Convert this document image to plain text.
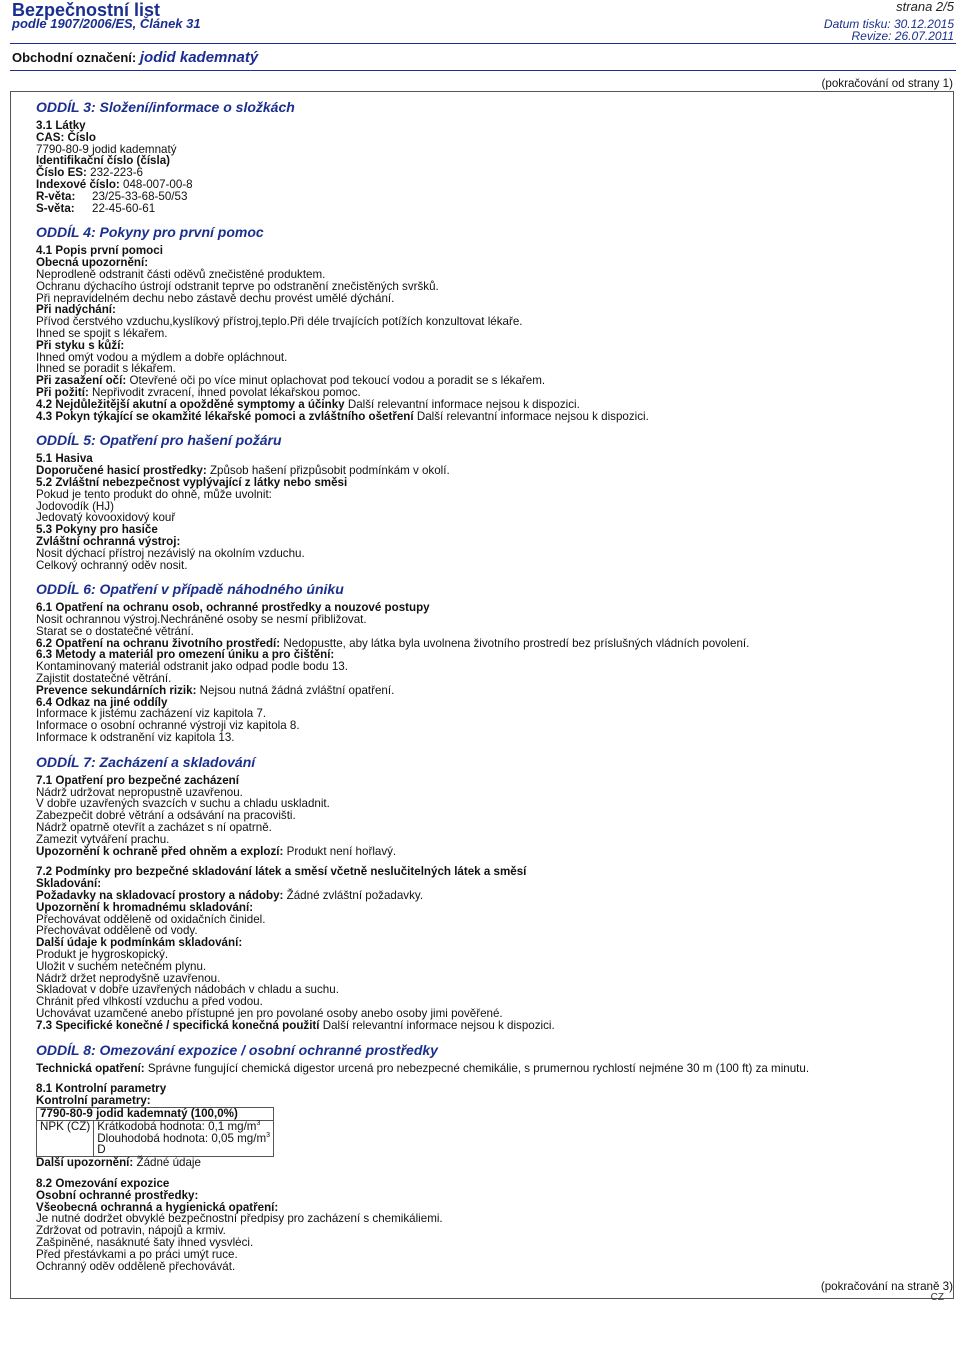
Bezpečnostní list
podle 1907/2006/ES, Článek 31
strana 2/5
Datum tisku: 30.12.2015
Revize: 26.07.2011
Obchodní označení: jodid kademnatý
(pokračování od strany 1)
ODDÍL 3: Složení/informace o složkách
3.1 Látky
CAS: Číslo
7790-80-9 jodid kademnatý
Identifikační číslo (čísla)
Číslo ES: 232-223-6
Indexové číslo: 048-007-00-8
R-věta: 23/25-33-68-50/53
S-věta: 22-45-60-61
ODDÍL 4: Pokyny pro první pomoc
4.1 Popis první pomoci
Obecná upozornění:
Neprodleně odstranit části oděvů znečistěné produktem.
Ochranu dýchacího ústrojí odstranit teprve po odstranění znečistěných svršků.
Při nepravidelném dechu nebo zástavě dechu provést umělé dýchání.
Při nadýchání:
Přívod čerstvého vzduchu,kyslíkový přístroj,teplo.Při déle trvajících potížích konzultovat lékaře.
Ihned se spojit s lékařem.
Při styku s kůží:
Ihned omýt vodou a mýdlem a dobře opláchnout.
Ihned se poradit s lékařem.
Při zasažení očí: Otevřené oči po více minut oplachovat pod tekoucí vodou a poradit se s lékařem.
Při požití: Nepřivodit zvracení, ihned povolat lékařskou pomoc.
4.2 Nejdůležitější akutní a opožděné symptomy a účinky Další relevantní informace nejsou k dispozici.
4.3 Pokyn týkající se okamžité lékařské pomoci a zvláštního ošetření Další relevantní informace nejsou k dispozici.
ODDÍL 5: Opatření pro hašení požáru
5.1 Hasiva
Doporučené hasicí prostředky: Způsob hašení přizpůsobit podmínkám v okolí.
5.2 Zvláštní nebezpečnost vyplývající z látky nebo směsi
Pokud je tento produkt do ohně, může uvolnit:
Jodovodík (HJ)
Jedovatý kovooxidový kouř
5.3 Pokyny pro hasiče
Zvláštní ochranná výstroj:
Nosit dýchací přístroj nezávislý na okolním vzduchu.
Celkový ochranný oděv nosit.
ODDÍL 6: Opatření v případě náhodného úniku
6.1 Opatření na ochranu osob, ochranné prostředky a nouzové postupy
Nosit ochrannou výstroj.Nechráněné osoby se nesmí přibližovat.
Starat se o dostatečné větrání.
6.2 Opatření na ochranu životního prostředí: Nedopustte, aby látka byla uvolnena životního prostredí bez príslušných vládních povolení.
6.3 Metody a materiál pro omezení úniku a pro čištění:
Kontaminovaný materiál odstranit jako odpad podle bodu 13.
Zajistit dostatečné větrání.
Prevence sekundárních rizik: Nejsou nutná žádná zvláštní opatření.
6.4 Odkaz na jiné oddíly
Informace k jistému zacházení viz kapitola 7.
Informace o osobní ochranné výstroji viz kapitola 8.
Informace k odstranění viz kapitola 13.
ODDÍL 7: Zacházení a skladování
7.1 Opatření pro bezpečné zacházení
Nádrž udržovat nepropustně uzavřenou.
V dobře uzavřených svazcích v suchu a chladu uskladnit.
Zabezpečit dobré větrání a odsávání na pracovišti.
Nádrž opatrně otevřít a zacházet s ní opatrně.
Zamezit vytváření prachu.
Upozornění k ochraně před ohněm a explozí: Produkt není hořlavý.
7.2 Podmínky pro bezpečné skladování látek a směsí včetně neslučitelných látek a směsí
Skladování:
Požadavky na skladovací prostory a nádoby: Žádné zvláštní požadavky.
Upozornění k hromadnému skladování:
Přechovávat odděleně od oxidačních činidel.
Přechovávat odděleně od vody.
Další údaje k podmínkám skladování:
Produkt je hygroskopický.
Uložit v suchém netečném plynu.
Nádrž držet neprodyšně uzavřenou.
Skladovat v dobře uzavřených nádobách v chladu a suchu.
Chránit před vlhkostí vzduchu a před vodou.
Uchovávat uzamčené anebo přístupné jen pro povolané osoby anebo osoby jimi pověřené.
7.3 Specifické konečné / specifická konečná použití Další relevantní informace nejsou k dispozici.
ODDÍL 8: Omezování expozice / osobní ochranné prostředky
Technická opatření: Správne fungující chemická digestor urcená pro nebezpecné chemikálie, s prumernou rychlostí nejméne 30 m (100 ft) za minutu.
8.1 Kontrolní parametry
Kontrolní parametry:
7790-80-9 jodid kademnatý (100,0%)
NPK (CZ)	Krátkodobá hodnota: 0,1 $mg/m^3$
Dlouhodobá hodnota: 0,05 $mg/m^3$
D
Další upozornění: Žádné údaje
8.2 Omezování expozice
Osobní ochranné prostředky:
Všeobecná ochranná a hygienická opatření:
Je nutné dodržet obvyklé bezpečnostní předpisy pro zacházení s chemikáliemi.
Zdržovat od potravin, nápojů a krmiv.
Zašpiněné, nasáknuté šaty ihned vysvlėci.
Před přestávkami a po práci umýt ruce.
Ochranný oděv odděleně přechovávát.
(pokračování na straně 3)
CZ
